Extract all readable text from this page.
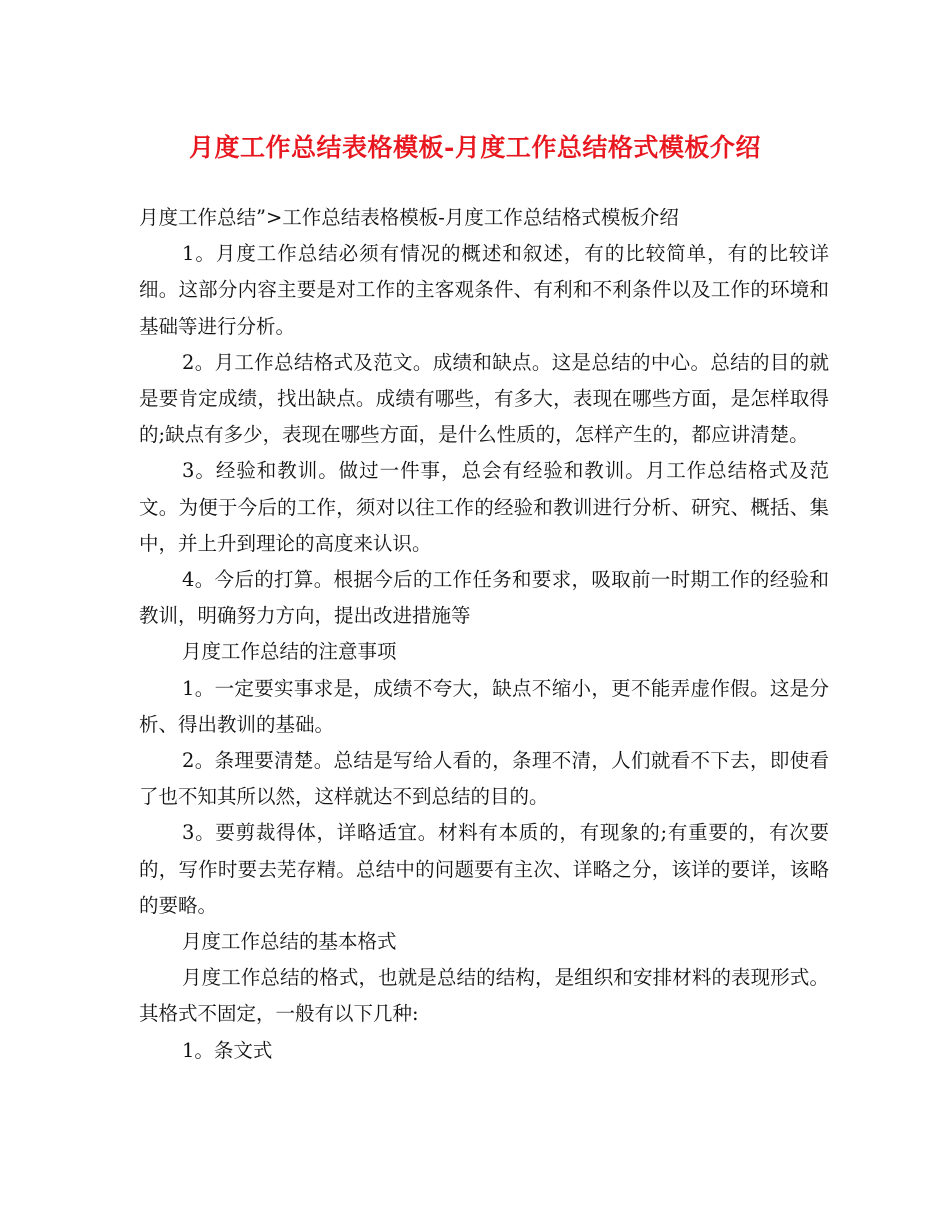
月度工作总结表格模板-月度工作总结格式模板介绍

月度工作总结”>工作总结表格模板-月度工作总结格式模板介绍

1。月度工作总结必须有情况的概述和叙述，有的比较简单，有的比较详细。这部分内容主要是对工作的主客观条件、有利和不利条件以及工作的环境和基础等进行分析。

2。月工作总结格式及范文。成绩和缺点。这是总结的中心。总结的目的就是要肯定成绩，找出缺点。成绩有哪些，有多大，表现在哪些方面，是怎样取得的;缺点有多少，表现在哪些方面，是什么性质的，怎样产生的，都应讲清楚。

3。经验和教训。做过一件事，总会有经验和教训。月工作总结格式及范文。为便于今后的工作，须对以往工作的经验和教训进行分析、研究、概括、集中，并上升到理论的高度来认识。

4。今后的打算。根据今后的工作任务和要求，吸取前一时期工作的经验和教训，明确努力方向，提出改进措施等

月度工作总结的注意事项

1。一定要实事求是，成绩不夸大，缺点不缩小，更不能弄虚作假。这是分析、得出教训的基础。

2。条理要清楚。总结是写给人看的，条理不清，人们就看不下去，即使看了也不知其所以然，这样就达不到总结的目的。

3。要剪裁得体，详略适宜。材料有本质的，有现象的;有重要的，有次要的，写作时要去芜存精。总结中的问题要有主次、详略之分，该详的要详，该略的要略。

月度工作总结的基本格式

月度工作总结的格式，也就是总结的结构，是组织和安排材料的表现形式。其格式不固定，一般有以下几种:

1。条文式
